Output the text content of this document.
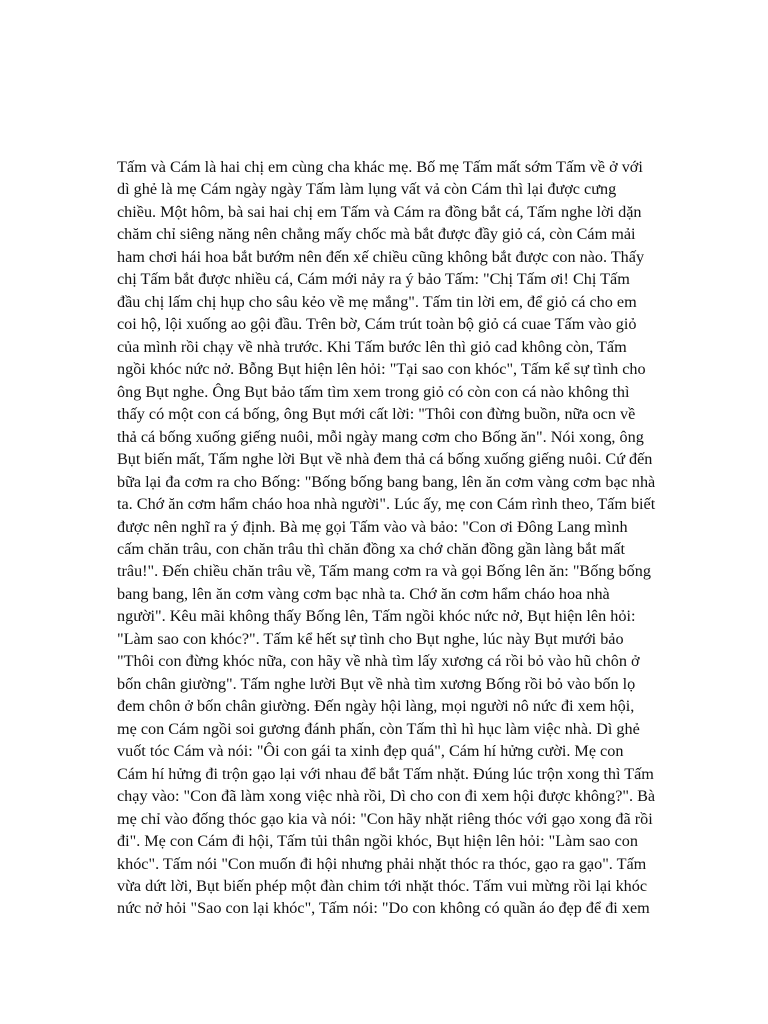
Tấm và Cám là hai chị em cùng cha khác mẹ. Bố mẹ Tấm mất sớm Tấm về ở với
dì ghẻ là mẹ Cám ngày ngày Tấm làm lụng vất vả còn Cám thì lại được cưng
chiều. Một hôm, bà sai hai chị em Tấm và Cám ra đồng bắt cá, Tấm nghe lời dặn
chăm chỉ siêng năng nên chẳng mấy chốc mà bắt được đầy giỏ cá, còn Cám mải
ham chơi hái hoa bắt bướm nên đến xế chiều cũng không bắt được con nào. Thấy
chị Tấm bắt được nhiều cá, Cám mới nảy ra ý bảo Tấm: "Chị Tấm ơi! Chị Tấm
đầu chị lấm chị hụp cho sâu kẻo về mẹ mắng". Tấm tin lời em, để giỏ cá cho em
coi hộ, lội xuống ao gội đầu. Trên bờ, Cám trút toàn bộ giỏ cá cuae Tấm vào giỏ
của mình rồi chạy về nhà trước. Khi Tấm bước lên thì giỏ cad không còn, Tấm
ngồi khóc nức nở. Bỗng Bụt hiện lên hỏi: "Tại sao con khóc", Tấm kể sự tình cho
ông Bụt nghe. Ông Bụt bảo tấm tìm xem trong giỏ có còn con cá nào không thì
thấy có một con cá bống, ông Bụt mới cất lời: "Thôi con đừng buồn, nữa ocn về
thả cá bống xuống giếng nuôi, mỗi ngày mang cơm cho Bống ăn". Nói xong, ông
Bụt biến mất, Tấm nghe lời Bụt về nhà đem thả cá bống xuống giếng nuôi. Cứ đến
bữa lại đa cơm ra cho Bống: "Bống bống bang bang, lên ăn cơm vàng cơm bạc nhà
ta. Chớ ăn cơm hẩm cháo hoa nhà người". Lúc ấy, mẹ con Cám rình theo, Tấm biết
được nên nghĩ ra ý định. Bà mẹ gọi Tấm vào và bảo: "Con ơi Đông Lang mình
cấm chăn trâu, con chăn trâu thì chăn đồng xa chớ chăn đồng gần làng bắt mất
trâu!". Đến chiều chăn trâu về, Tấm mang cơm ra và gọi Bống lên ăn: "Bống bống
bang bang, lên ăn cơm vàng cơm bạc nhà ta. Chớ ăn cơm hẩm cháo hoa nhà
người". Kêu mãi không thấy Bống lên, Tấm ngồi khóc nức nở, Bụt hiện lên hỏi:
"Làm sao con khóc?". Tấm kể hết sự tình cho Bụt nghe, lúc này Bụt mưới bảo
"Thôi con đừng khóc nữa, con hãy về nhà tìm lấy xương cá rồi bỏ vào hũ chôn ở
bốn chân giường". Tấm nghe lười Bụt về nhà tìm xương Bống rồi bỏ vào bốn lọ
đem chôn ở bốn chân giường. Đến ngày hội làng, mọi người nô nức đi xem hội,
mẹ con Cám ngồi soi gương đánh phấn, còn Tấm thì hì hục làm việc nhà. Dì ghẻ
vuốt tóc Cám và nói: "Ôi con gái ta xinh đẹp quá", Cám hí hửng cười. Mẹ con
Cám hí hửng đi trộn gạo lại với nhau để bắt Tấm nhặt. Đúng lúc trộn xong thì Tấm
chạy vào: "Con đã làm xong việc nhà rồi, Dì cho con đi xem hội được không?". Bà
mẹ chỉ vào đống thóc gạo kia và nói: "Con hãy nhặt riêng thóc với gạo xong đã rồi
đi". Mẹ con Cám đi hội, Tấm tủi thân ngồi khóc, Bụt hiện lên hỏi: "Làm sao con
khóc". Tấm nói "Con muốn đi hội nhưng phải nhặt thóc ra thóc, gạo ra gạo". Tấm
vừa dứt lời, Bụt biến phép một đàn chim tới nhặt thóc. Tấm vui mừng rồi lại khóc
nức nở hỏi "Sao con lại khóc", Tấm nói: "Do con không có quần áo đẹp để đi xem
